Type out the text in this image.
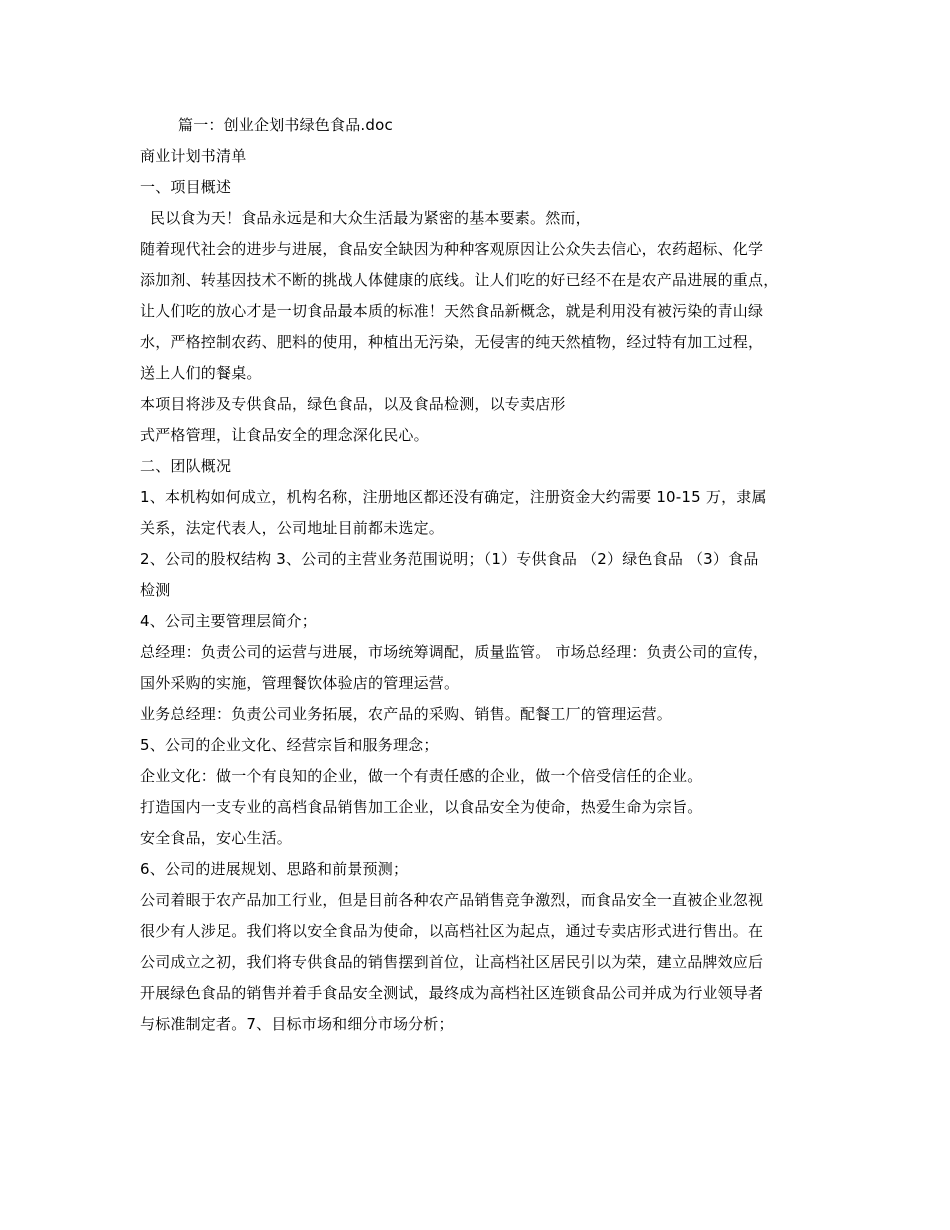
篇一：创业企划书绿色食品.doc
商业计划书清单
一、项目概述
民以食为天！食品永远是和大众生活最为紧密的基本要素。然而，
随着现代社会的进步与进展，食品安全缺因为种种客观原因让公众失去信心，农药超标、化学
添加剂、转基因技术不断的挑战人体健康的底线。让人们吃的好已经不在是农产品进展的重点，
让人们吃的放心才是一切食品最本质的标准！天然食品新概念，就是利用没有被污染的青山绿
水，严格控制农药、肥料的使用，种植出无污染，无侵害的纯天然植物，经过特有加工过程，
送上人们的餐桌。
本项目将涉及专供食品，绿色食品，以及食品检测，以专卖店形
式严格管理，让食品安全的理念深化民心。
二、团队概况
1、本机构如何成立，机构名称，注册地区都还没有确定，注册资金大约需要 10-15 万，隶属
关系，法定代表人，公司地址目前都未选定。
2、公司的股权结构 3、公司的主营业务范围说明；（1）专供食品 （2）绿色食品 （3）食品
检测
4、公司主要管理层简介；
总经理：负责公司的运营与进展，市场统筹调配，质量监管。 市场总经理：负责公司的宣传，
国外采购的实施，管理餐饮体验店的管理运营。
业务总经理：负责公司业务拓展，农产品的采购、销售。配餐工厂的管理运营。
5、公司的企业文化、经营宗旨和服务理念；
企业文化：做一个有良知的企业，做一个有责任感的企业，做一个倍受信任的企业。
打造国内一支专业的高档食品销售加工企业，以食品安全为使命，热爱生命为宗旨。
安全食品，安心生活。
6、公司的进展规划、思路和前景预测；
公司着眼于农产品加工行业，但是目前各种农产品销售竞争激烈，而食品安全一直被企业忽视
很少有人涉足。我们将以安全食品为使命，以高档社区为起点，通过专卖店形式进行售出。在
公司成立之初，我们将专供食品的销售摆到首位，让高档社区居民引以为荣，建立品牌效应后
开展绿色食品的销售并着手食品安全测试，最终成为高档社区连锁食品公司并成为行业领导者
与标准制定者。7、目标市场和细分市场分析；
